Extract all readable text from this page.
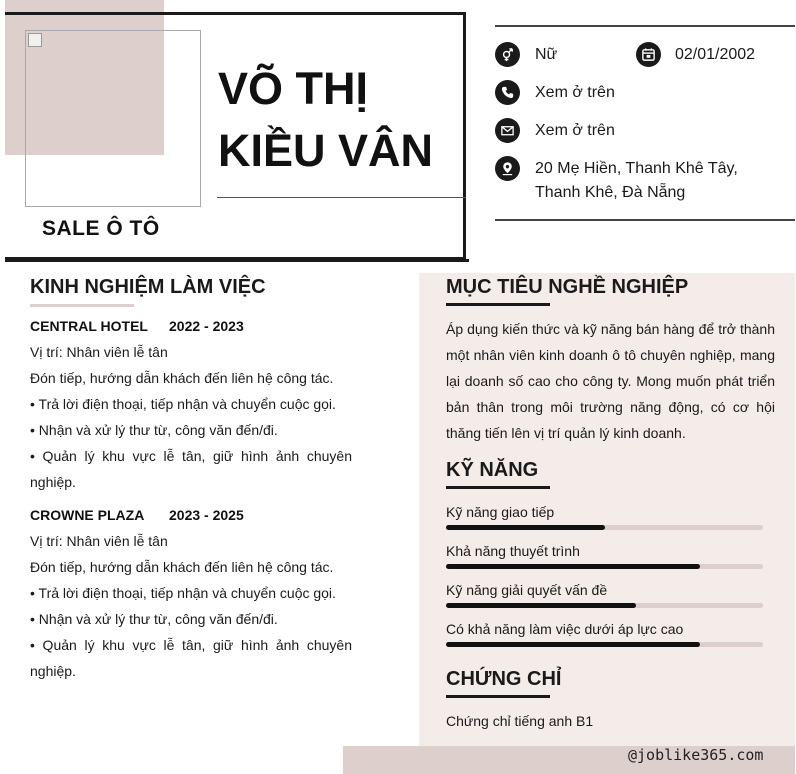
VÕ THỊ
KIỀU VÂN
SALE Ô TÔ
Nữ	02/01/2002
Xem ở trên
Xem ở trên
20 Mẹ Hiền, Thanh Khê Tây,
Thanh Khê, Đà Nẵng
@joblike365.com
KINH NGHIỆM LÀM VIỆC
CENTRAL HOTEL 2022 - 2023
Vị trí: Nhân viên lễ tân
Đón tiếp, hướng dẫn khách đến liên hệ công tác.
• Trả lời điện thoại, tiếp nhận và chuyển cuộc gọi.
• Nhận và xử lý thư từ, công văn đến/đi.
• Quản lý khu vực lễ tân, giữ hình ảnh chuyên nghiệp.
CROWNE PLAZA 2023 - 2025
Vị trí: Nhân viên lễ tân
Đón tiếp, hướng dẫn khách đến liên hệ công tác.
• Trả lời điện thoại, tiếp nhận và chuyển cuộc gọi.
• Nhận và xử lý thư từ, công văn đến/đi.
• Quản lý khu vực lễ tân, giữ hình ảnh chuyên nghiệp.
MỤC TIÊU NGHỀ NGHIỆP
Áp dụng kiến thức và kỹ năng bán hàng để trở thành một nhân viên kinh doanh ô tô chuyên nghiệp, mang lại doanh số cao cho công ty. Mong muốn phát triển bản thân trong môi trường năng động, có cơ hội thăng tiến lên vị trí quản lý kinh doanh.
KỸ NĂNG
Kỹ năng giao tiếp
Khả năng thuyết trình
Kỹ năng giải quyết vấn đề
Có khả năng làm việc dưới áp lực cao
CHỨNG CHỈ
Chứng chỉ tiếng anh B1
